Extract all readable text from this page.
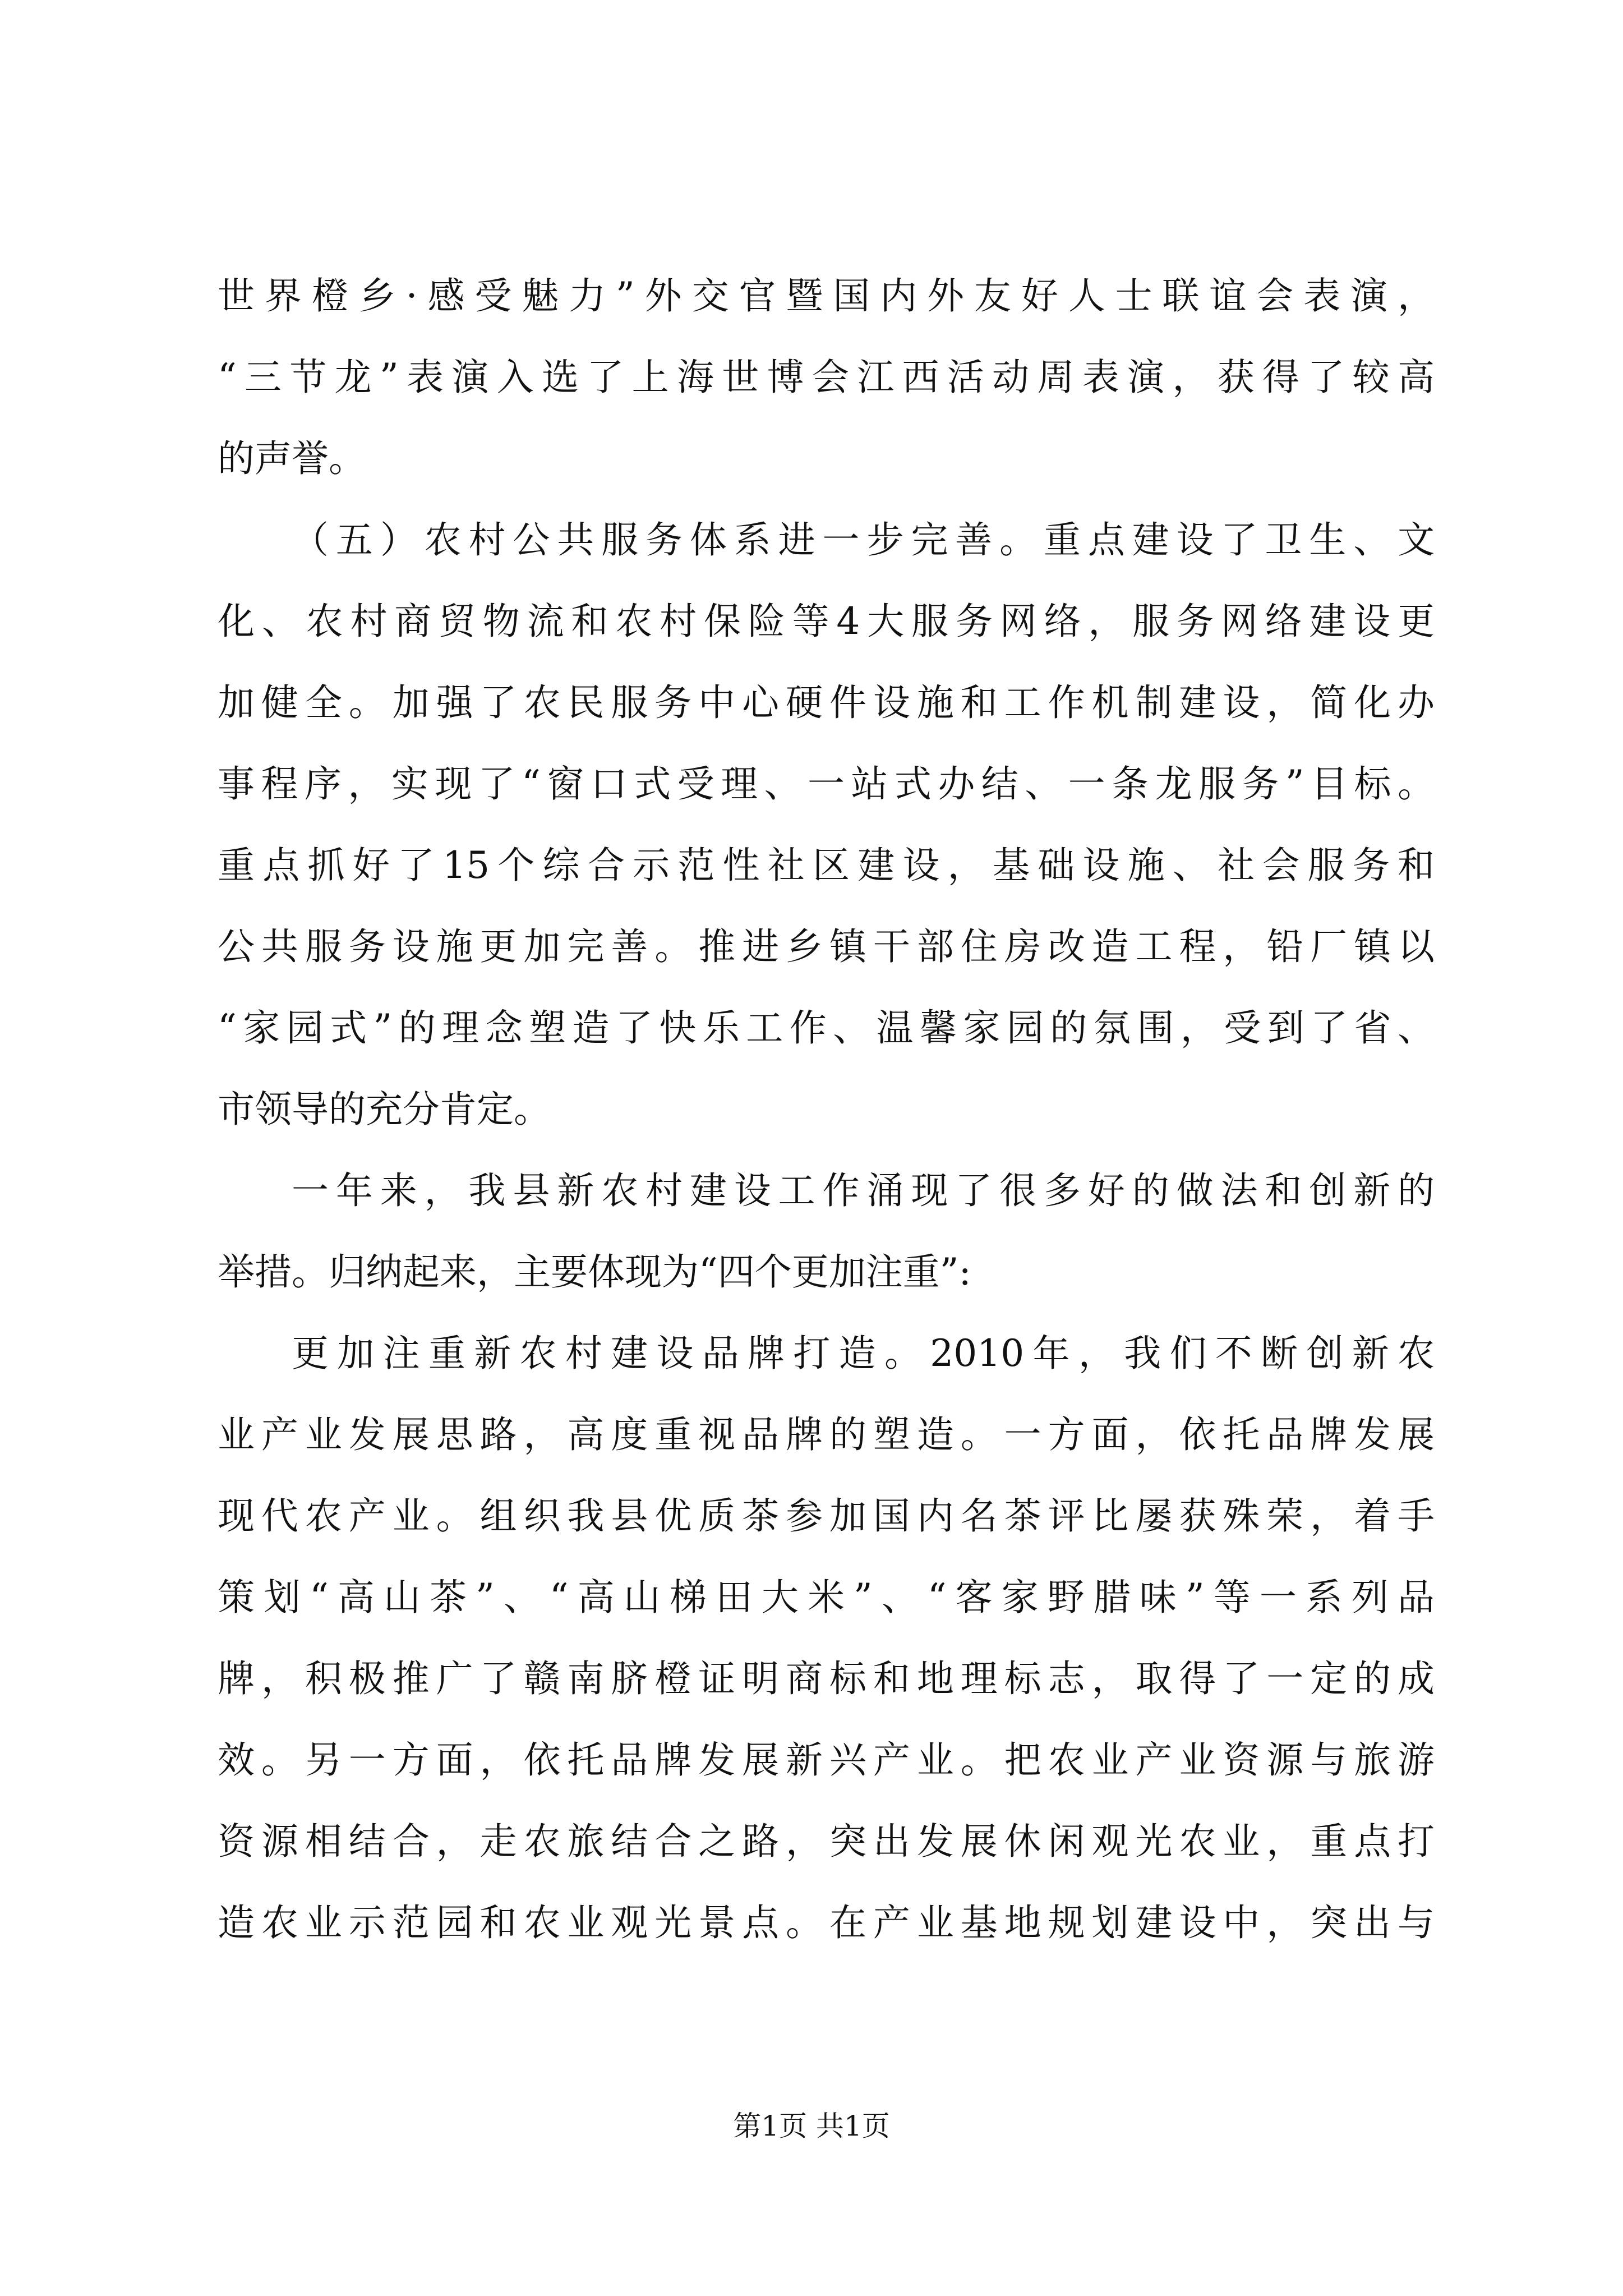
世界橙乡·感受魅力”外交官暨国内外友好人士联谊会表演，
“三节龙”表演入选了上海世博会江西活动周表演，获得了较高
的声誉。
（五）农村公共服务体系进一步完善。重点建设了卫生、文
化、农村商贸物流和农村保险等4大服务网络，服务网络建设更
加健全。加强了农民服务中心硬件设施和工作机制建设，简化办
事程序，实现了“窗口式受理、一站式办结、一条龙服务”目标。
重点抓好了15个综合示范性社区建设，基础设施、社会服务和
公共服务设施更加完善。推进乡镇干部住房改造工程，铅厂镇以
“家园式”的理念塑造了快乐工作、温馨家园的氛围，受到了省、
市领导的充分肯定。
一年来，我县新农村建设工作涌现了很多好的做法和创新的
举措。归纳起来，主要体现为“四个更加注重”:
更加注重新农村建设品牌打造。2010年，我们不断创新农
业产业发展思路，高度重视品牌的塑造。一方面，依托品牌发展
现代农产业。组织我县优质茶参加国内名茶评比屡获殊荣，着手
策划“高山茶”、“高山梯田大米”、“客家野腊味”等一系列品
牌，积极推广了赣南脐橙证明商标和地理标志，取得了一定的成
效。另一方面，依托品牌发展新兴产业。把农业产业资源与旅游
资源相结合，走农旅结合之路，突出发展休闲观光农业，重点打
造农业示范园和农业观光景点。在产业基地规划建设中，突出与
第1页 共1页
